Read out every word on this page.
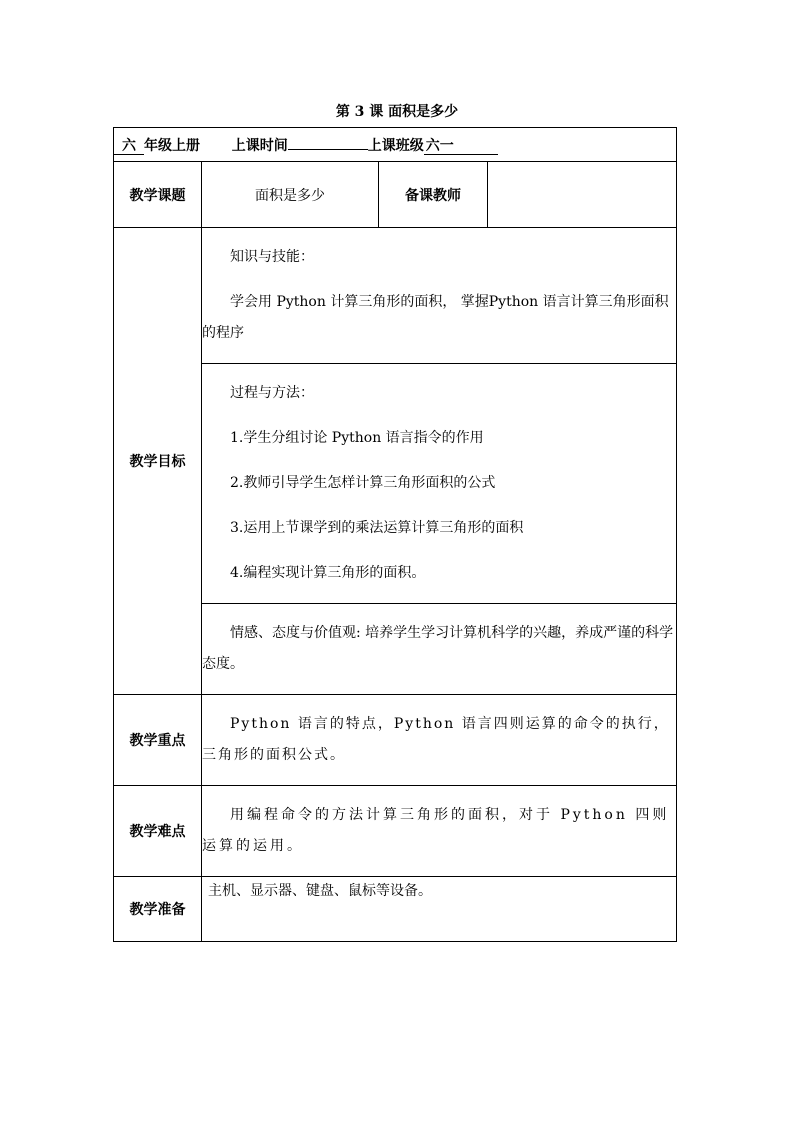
第 3 课 面积是多少
六 年级上册 上课时间 上课班级 六一			
教学课题	面积是多少	备课教师	
教学目标	知识与技能：

学会用 Python 计算三角形的面积， 掌握Python 语言计算三角形面积的程序		

	过程与方法：

1.学生分组讨论 Python 语言指令的作用

2.教师引导学生怎样计算三角形面积的公式

3.运用上节课学到的乘法运算计算三角形的面积

4.编程实现计算三角形的面积。		

	情感、态度与价值观: 培养学生学习计算机科学的兴趣，养成严谨的科学态度。		

教学重点	Python 语言的特点，Python 语言四则运算的命令的执行，三角形的面积公式。		

教学难点	用编程命令的方法计算三角形的面积，对于 Python 四则运算的运用。		

教学准备	主机、显示器、键盘、鼠标等设备。		
